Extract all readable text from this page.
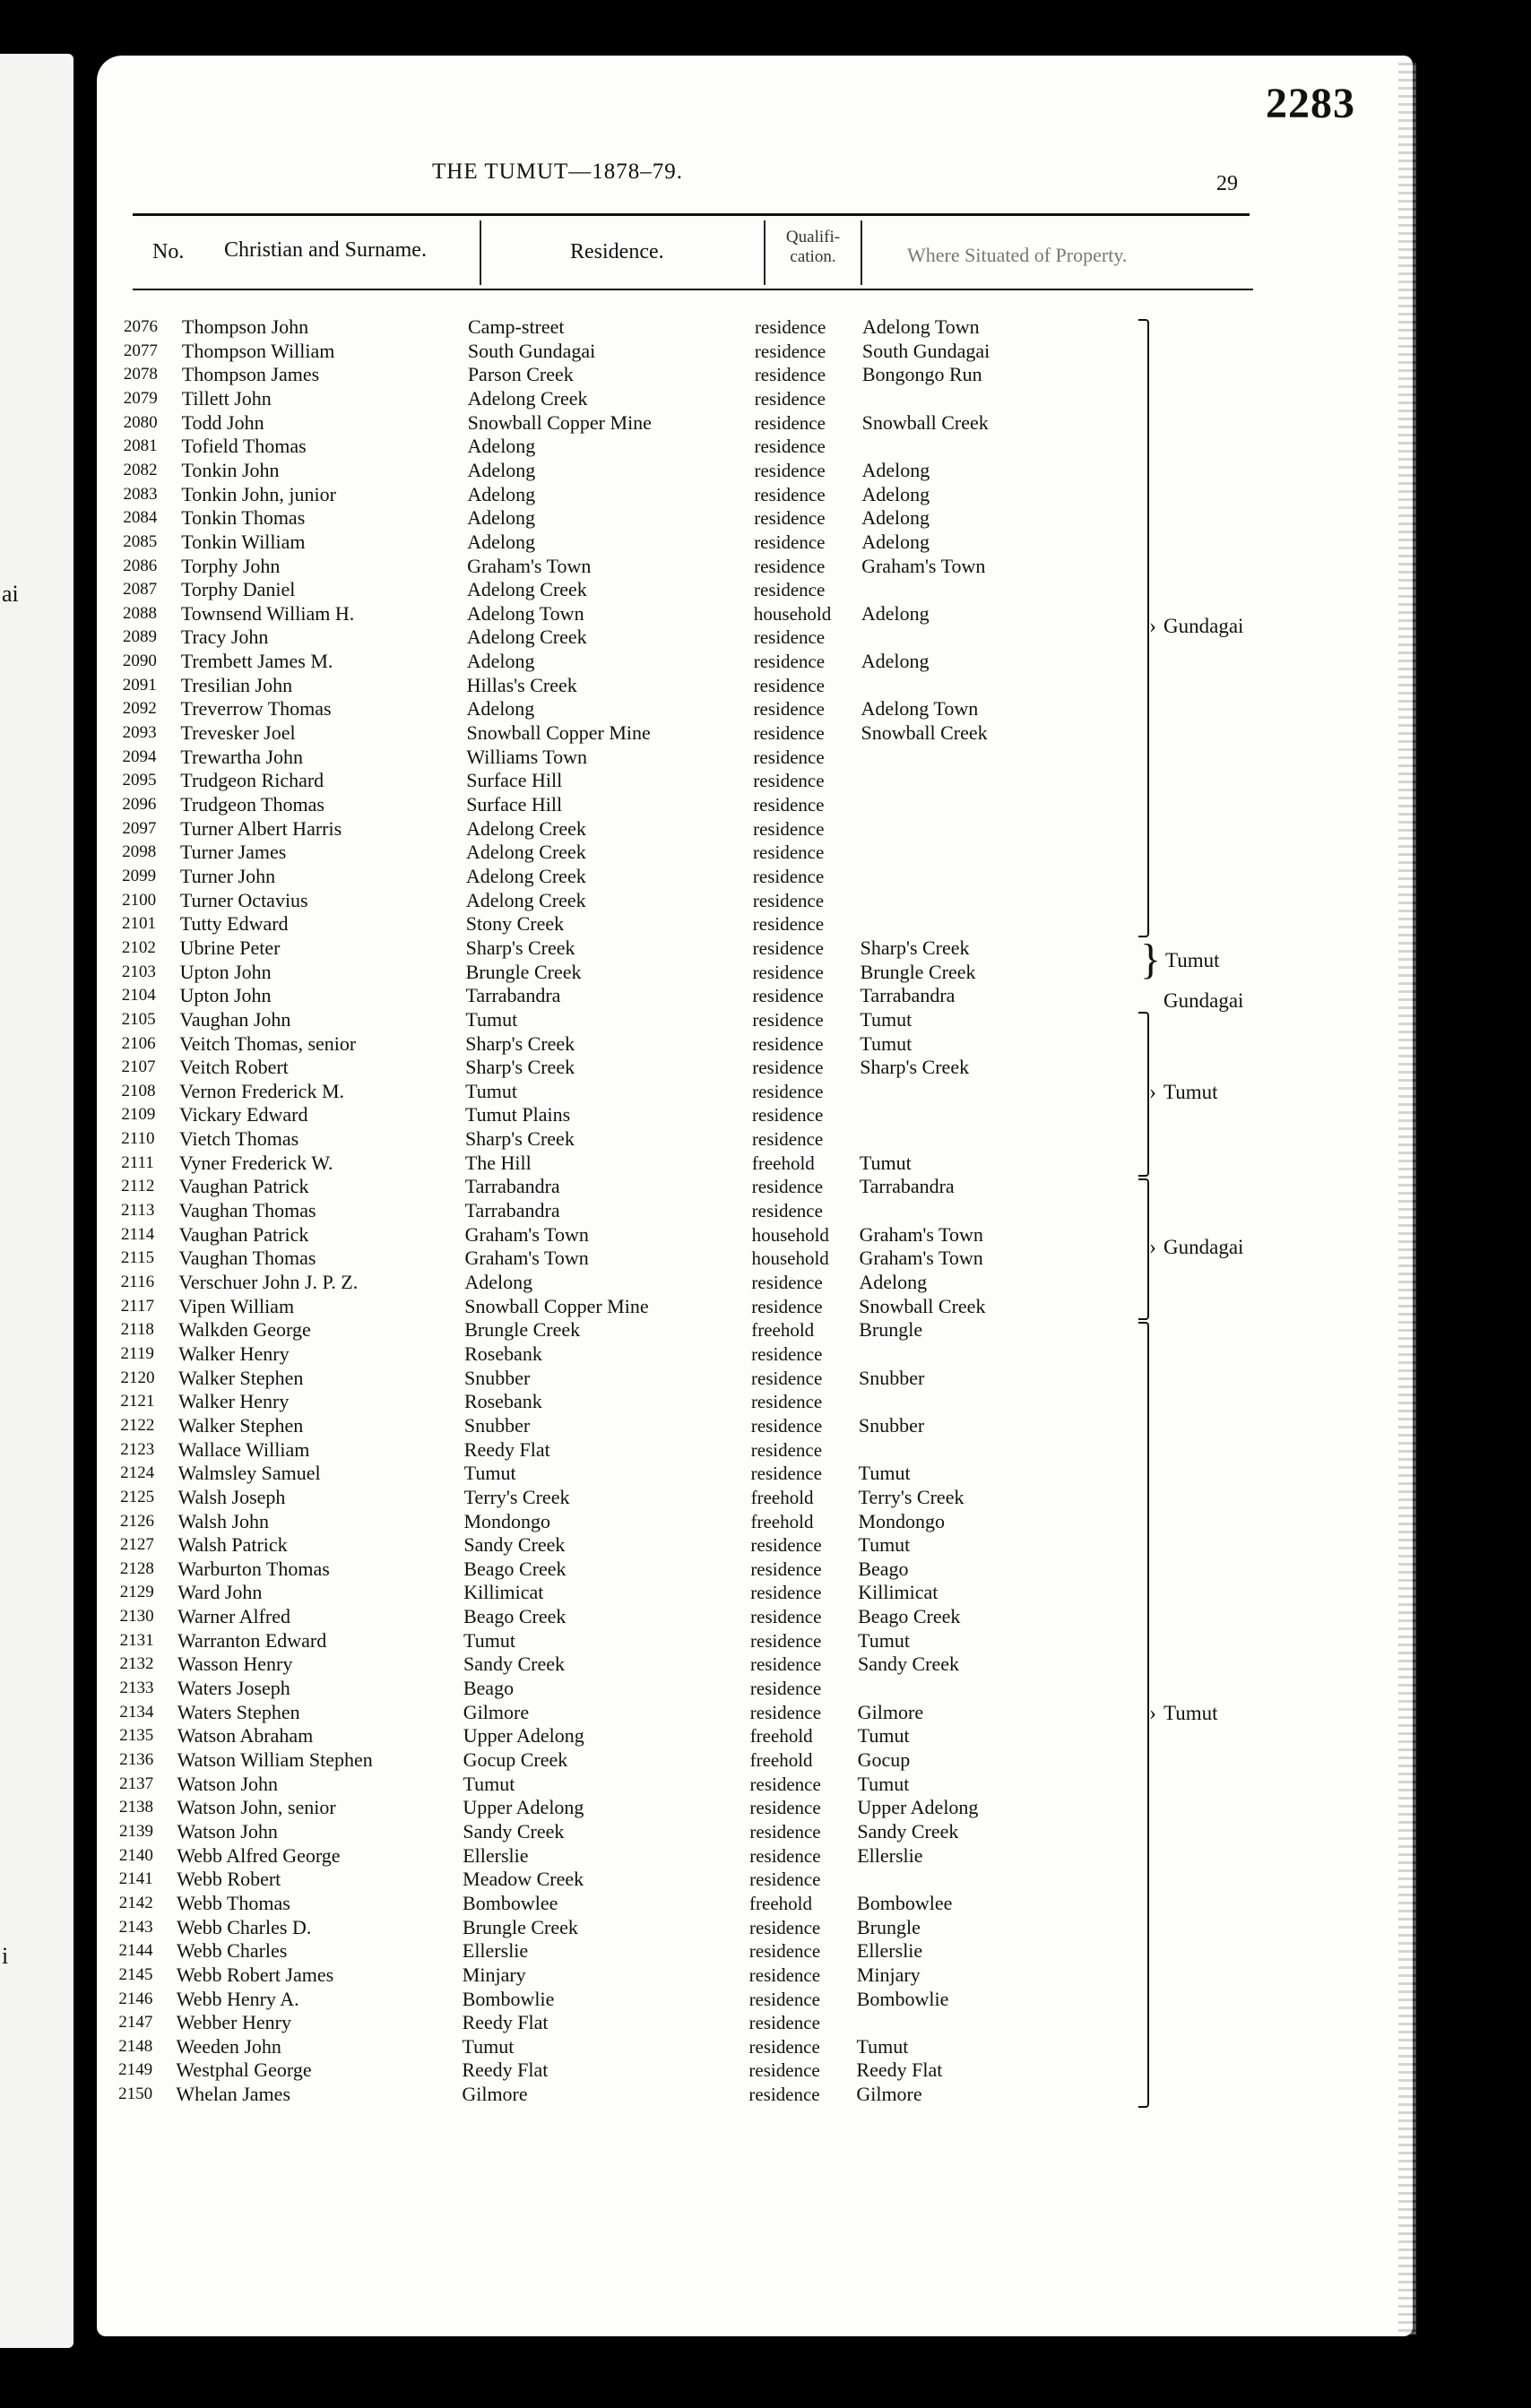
ai
i
2283
THE TUMUT—1878–79.	29
No. Christian and Surname.	Residence.
Qualifi- cation.	Where Situated of Property.
2076 Thompson John	Camp-street	residence Adelong Town
2077 Thompson William	South Gundagai	residence South Gundagai
2078 Thompson James	Parson Creek	residence Bongongo Run
2079 Tillett John	Adelong Creek	residence
2080 Todd John	Snowball Copper Mine	residence Snowball Creek
2081 Tofield Thomas	Adelong	residence
2082 Tonkin John	Adelong	residence Adelong
2083 Tonkin John, junior	Adelong	residence Adelong
2084 Tonkin Thomas	Adelong	residence Adelong
2085 Tonkin William	Adelong	residence Adelong
2086 Torphy John	Graham's Town	residence Graham's Town
2087 Torphy Daniel	Adelong Creek	residence
2088 Townsend William H.	Adelong Town	household Adelong
2089 Tracy John	Adelong Creek	residence
2090 Trembett James M.	Adelong	residence Adelong
2091 Tresilian John	Hillas's Creek	residence
2092 Treverrow Thomas	Adelong	residence Adelong Town
2093 Trevesker Joel	Snowball Copper Mine	residence Snowball Creek
2094 Trewartha John	Williams Town	residence
2095 Trudgeon Richard	Surface Hill	residence
2096 Trudgeon Thomas	Surface Hill	residence
2097 Turner Albert Harris	Adelong Creek	residence
2098 Turner James	Adelong Creek	residence
2099 Turner John	Adelong Creek	residence
2100 Turner Octavius	Adelong Creek	residence
2101 Tutty Edward	Stony Creek	residence
2102 Ubrine Peter	Sharp's Creek	residence Sharp's Creek
2103 Upton John	Brungle Creek	residence Brungle Creek
2104 Upton John	Tarrabandra	residence Tarrabandra
2105 Vaughan John	Tumut	residence Tumut
2106 Veitch Thomas, senior	Sharp's Creek	residence Tumut
2107 Veitch Robert	Sharp's Creek	residence Sharp's Creek
2108 Vernon Frederick M.	Tumut	residence
2109 Vickary Edward	Tumut Plains	residence
2110 Vietch Thomas	Sharp's Creek	residence
2111 Vyner Frederick W.	The Hill	freehold Tumut
2112 Vaughan Patrick	Tarrabandra	residence Tarrabandra
2113 Vaughan Thomas	Tarrabandra	residence
2114 Vaughan Patrick	Graham's Town	household Graham's Town
2115 Vaughan Thomas	Graham's Town	household Graham's Town
2116 Verschuer John J. P. Z.	Adelong	residence Adelong
2117 Vipen William	Snowball Copper Mine	residence Snowball Creek
2118 Walkden George	Brungle Creek	freehold Brungle
2119 Walker Henry	Rosebank	residence
2120 Walker Stephen	Snubber	residence Snubber
2121 Walker Henry	Rosebank	residence
2122 Walker Stephen	Snubber	residence Snubber
2123 Wallace William	Reedy Flat	residence
2124 Walmsley Samuel	Tumut	residence Tumut
2125 Walsh Joseph	Terry's Creek	freehold Terry's Creek
2126 Walsh John	Mondongo	freehold Mondongo
2127 Walsh Patrick	Sandy Creek	residence Tumut
2128 Warburton Thomas	Beago Creek	residence Beago
2129 Ward John	Killimicat	residence Killimicat
2130 Warner Alfred	Beago Creek	residence Beago Creek
2131 Warranton Edward	Tumut	residence Tumut
2132 Wasson Henry	Sandy Creek	residence Sandy Creek
2133 Waters Joseph	Beago	residence
2134 Waters Stephen	Gilmore	residence Gilmore
2135 Watson Abraham	Upper Adelong	freehold Tumut
2136 Watson William Stephen	Gocup Creek	freehold Gocup
2137 Watson John	Tumut	residence Tumut
2138 Watson John, senior	Upper Adelong	residence Upper Adelong
2139 Watson John	Sandy Creek	residence Sandy Creek
2140 Webb Alfred George	Ellerslie	residence Ellerslie
2141 Webb Robert	Meadow Creek	residence
2142 Webb Thomas	Bombowlee	freehold Bombowlee
2143 Webb Charles D.	Brungle Creek	residence Brungle
2144 Webb Charles	Ellerslie	residence Ellerslie
2145 Webb Robert James	Minjary	residence Minjary
2146 Webb Henry A.	Bombowlie	residence Bombowlie
2147 Webber Henry	Reedy Flat	residence
2148 Weeden John	Tumut	residence Tumut
2149 Westphal George	Reedy Flat	residence Reedy Flat
2150 Whelan James	Gilmore	residence Gilmore
› Gundagai
} Tumut
Gundagai
› Tumut
› Gundagai
› Tumut
